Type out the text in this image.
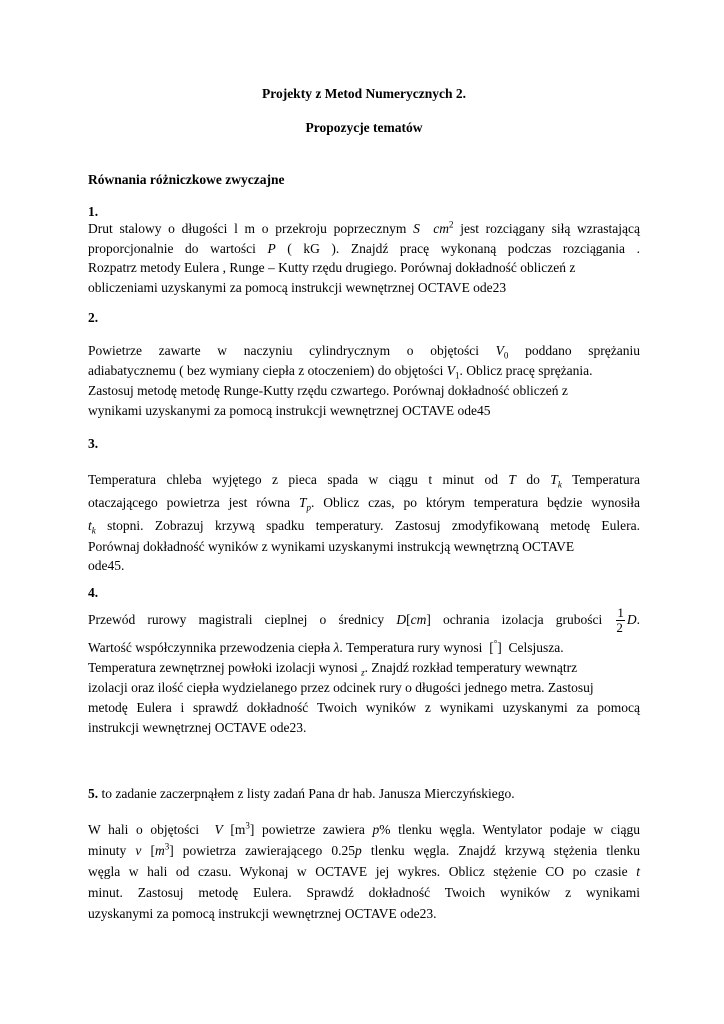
Projekty z Metod Numerycznych 2.
Propozycje tematów
Równania różniczkowe zwyczajne
1.
Drut stalowy o długości l m o przekroju poprzecznym S $cm^2$ jest rozciągany siłą wzrastającą
proporcjonalnie do wartości P ( kG ). Znajdź pracę wykonaną podczas rozciągania .
Rozpatrz metody Eulera , Runge – Kutty rzędu drugiego. Porównaj dokładność obliczeń z
obliczeniami uzyskanymi za pomocą instrukcji wewnętrznej OCTAVE ode23
2.
Powietrze zawarte w naczyniu cylindrycznym o objętości $V_0$ poddano sprężaniu
adiabatycznemu ( bez wymiany ciepła z otoczeniem) do objętości $V_1$. Oblicz pracę sprężania.
Zastosuj metodę metodę Runge-Kutty rzędu czwartego. Porównaj dokładność obliczeń z
wynikami uzyskanymi za pomocą instrukcji wewnętrznej OCTAVE ode45
3.
Temperatura chleba wyjętego z pieca spada w ciągu t minut od T do $T_k$ Temperatura
otaczającego powietrza jest równa $T_p$. Oblicz czas, po którym temperatura będzie wynosiła
$t_k$ stopni. Zobrazuj krzywą spadku temperatury. Zastosuj zmodyfikowaną metodę Eulera.
Porównaj dokładność wyników z wynikami uzyskanymi instrukcją wewnętrzną OCTAVE
ode45.
4.
Przewód rurowy magistrali cieplnej o średnicy D[cm] ochrania izolacja grubości $\frac{1}{2} D$.
Wartość współczynnika przewodzenia ciepła λ. Temperatura rury wynosi  [°]  Celsjusza.
Temperatura zewnętrznej powłoki izolacji wynosi $_z$. Znajdź rozkład temperatury wewnątrz
izolacji oraz ilość ciepła wydzielanego przez odcinek rury o długości jednego metra. Zastosuj
metodę Eulera i sprawdź dokładność Twoich wyników z wynikami uzyskanymi za pomocą
instrukcji wewnętrznej OCTAVE ode23.
5. to zadanie zaczerpnąłem z listy zadań Pana dr hab. Janusza Mierczyńskiego.
W hali o objętości V $[m^3]$ powietrze zawiera p% tlenku węgla. Wentylator podaje w ciągu
minuty v $[m^3]$ powietrza zawierającego 0.25p tlenku węgla. Znajdź krzywą stężenia tlenku
węgla w hali od czasu. Wykonaj w OCTAVE jej wykres. Oblicz stężenie CO po czasie t
minut. Zastosuj metodę Eulera. Sprawdź dokładność Twoich wyników z wynikami
uzyskanymi za pomocą instrukcji wewnętrznej OCTAVE ode23.
